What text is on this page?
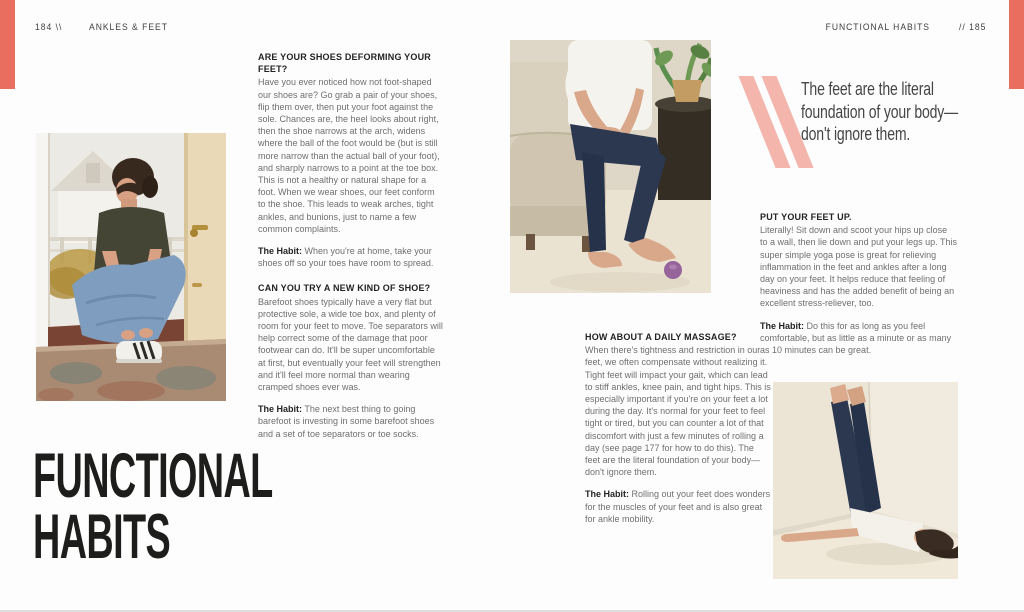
184 \\	ANKLES & FEET	FUNCTIONAL HABITS	// 185
The feet are the literal foundation of your body—don't ignore them.
ARE YOUR SHOES DEFORMING YOUR FEET?

Have you ever noticed how not foot-shaped our shoes are? Go grab a pair of your shoes, flip them over, then put your foot against the sole. Chances are, the heel looks about right, then the shoe narrows at the arch, widens where the ball of the foot would be (but is still more narrow than the actual ball of your foot), and sharply narrows to a point at the toe box. This is not a healthy or natural shape for a foot. When we wear shoes, our feet conform to the shoe. This leads to weak arches, tight ankles, and bunions, just to name a few common complaints.

The Habit: When you're at home, take your shoes off so your toes have room to spread.

CAN YOU TRY A NEW KIND OF SHOE?

Barefoot shoes typically have a very flat but protective sole, a wide toe box, and plenty of room for your feet to move. Toe separators will help correct some of the damage that poor footwear can do. It'll be super uncomfortable at first, but eventually your feet will strengthen and it'll feel more normal than wearing cramped shoes ever was.

The Habit: The next best thing to going barefoot is investing in some barefoot shoes and a set of toe separators or toe socks.

HOW ABOUT A DAILY MASSAGE?

When there's tightness and restriction in our feet, we often compensate without realizing it. Tight feet will impact your gait, which can lead to stiff ankles, knee pain, and tight hips. This is especially important if you're on your feet a lot during the day. It's normal for your feet to feel tight or tired, but you can counter a lot of that discomfort with just a few minutes of rolling a day (see page 177 for how to do this). The feet are the literal foundation of your body—don't ignore them.

The Habit: Rolling out your feet does wonders for the muscles of your feet and is also great for ankle mobility.

PUT YOUR FEET UP.

Literally! Sit down and scoot your hips up close to a wall, then lie down and put your legs up. This super simple yoga pose is great for relieving inflammation in the feet and ankles after a long day on your feet. It helps reduce that feeling of heaviness and has the added benefit of being an excellent stress-reliever, too.

The Habit: Do this for as long as you feel comfortable, but as little as a minute or as many as 10 minutes can be great.

FUNCTIONAL
HABITS
